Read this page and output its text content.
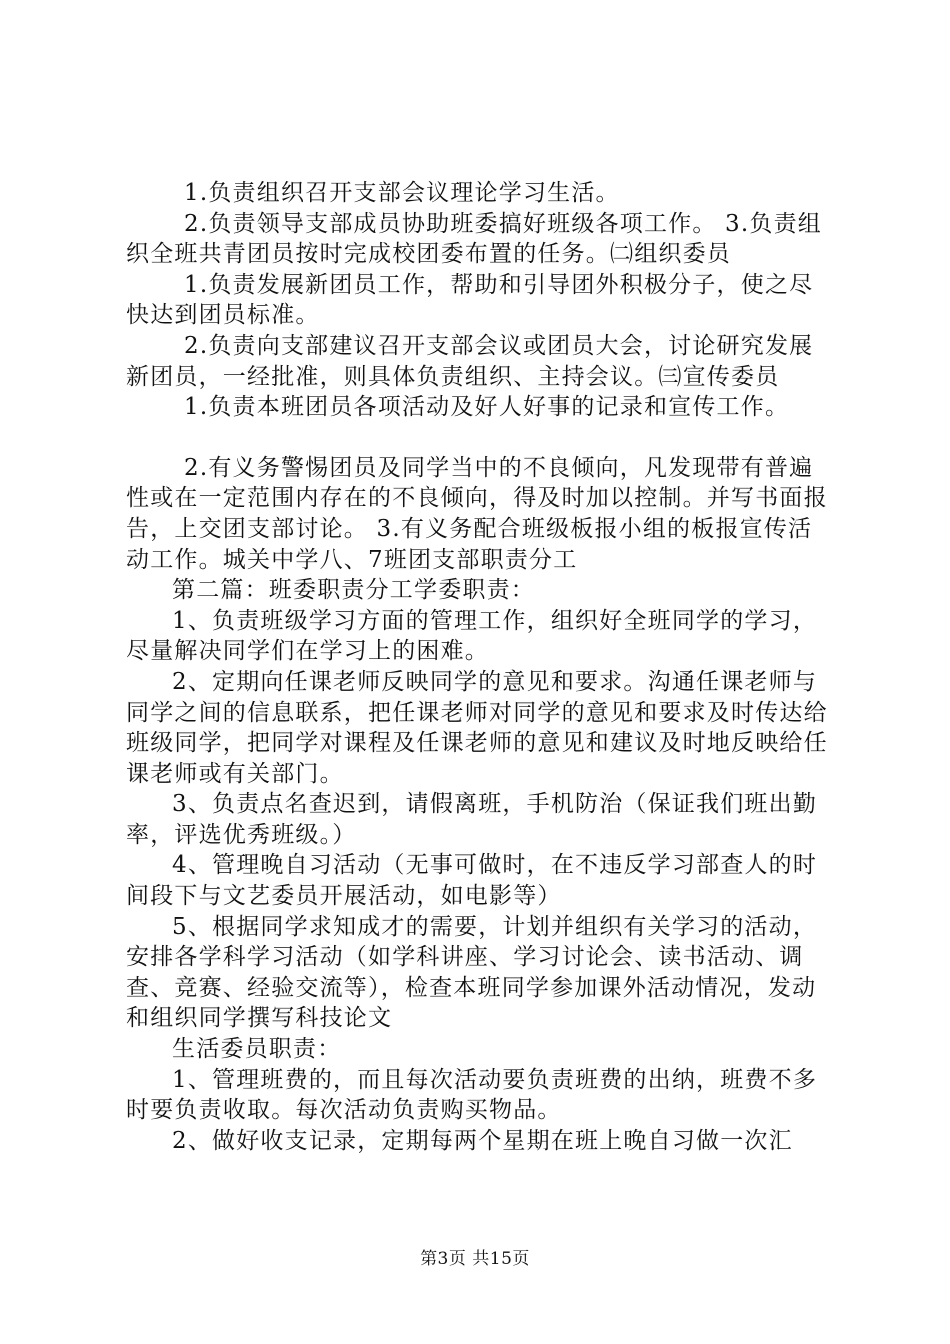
1.负责组织召开支部会议理论学习生活。

2.负责领导支部成员协助班委搞好班级各项工作。 3.负责组织全班共青团员按时完成校团委布置的任务。㈡组织委员

1.负责发展新团员工作，帮助和引导团外积极分子，使之尽快达到团员标准。

2.负责向支部建议召开支部会议或团员大会，讨论研究发展新团员，一经批准，则具体负责组织、主持会议。㈢宣传委员

1.负责本班团员各项活动及好人好事的记录和宣传工作。

2.有义务警惕团员及同学当中的不良倾向，凡发现带有普遍性或在一定范围内存在的不良倾向，得及时加以控制。并写书面报告，上交团支部讨论。 3.有义务配合班级板报小组的板报宣传活动工作。城关中学八、7班团支部职责分工

第二篇：班委职责分工学委职责：

1、负责班级学习方面的管理工作，组织好全班同学的学习，尽量解决同学们在学习上的困难。

2、定期向任课老师反映同学的意见和要求。沟通任课老师与同学之间的信息联系，把任课老师对同学的意见和要求及时传达给班级同学，把同学对课程及任课老师的意见和建议及时地反映给任课老师或有关部门。

3、负责点名查迟到，请假离班，手机防治（保证我们班出勤率，评选优秀班级。）

4、管理晚自习活动（无事可做时，在不违反学习部查人的时间段下与文艺委员开展活动，如电影等）

5、根据同学求知成才的需要，计划并组织有关学习的活动，安排各学科学习活动（如学科讲座、学习讨论会、读书活动、调查、竞赛、经验交流等），检查本班同学参加课外活动情况，发动和组织同学撰写科技论文

生活委员职责：

1、管理班费的，而且每次活动要负责班费的出纳，班费不多时要负责收取。每次活动负责购买物品。

2、做好收支记录，定期每两个星期在班上晚自习做一次汇

第3页 共15页
